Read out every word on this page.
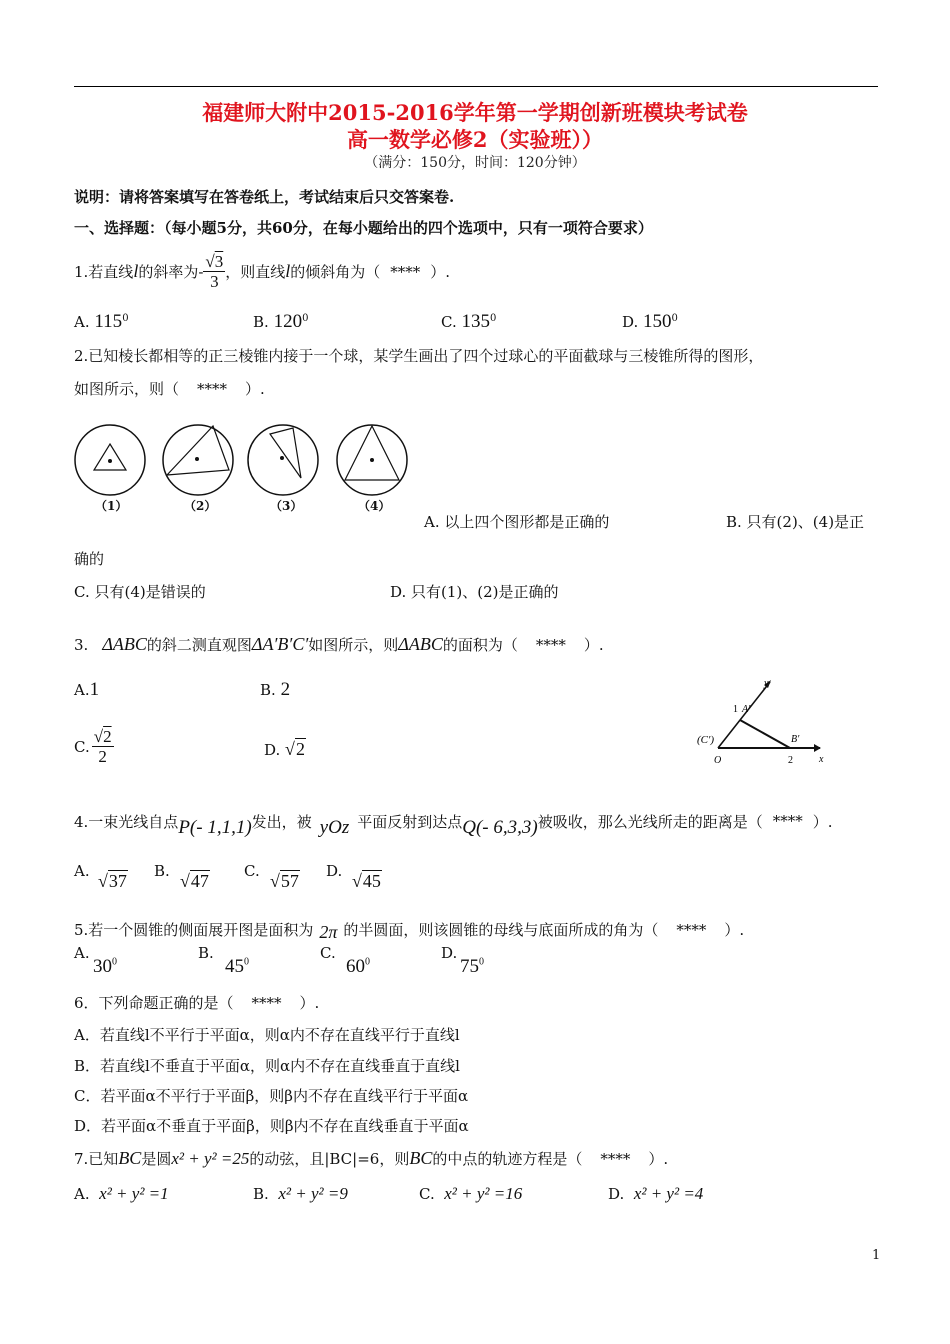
福建师大附中2015-2016学年第一学期创新班模块考试卷
高一数学必修2（实验班））
（满分：150分，时间：120分钟）
说明：请将答案填写在答卷纸上，考试结束后只交答案卷.
一、选择题：（每小题5分，共60分，在每小题给出的四个选项中，只有一项符合要求）
1.若直线 l 的斜率为- $\frac{√3}{3}$ ，则直线 l 的倾斜角为（ **** ）.
A. $115^0$	B. $120^0$	C. $135^0$	D. $150^0$
2.已知棱长都相等的正三棱锥内接于一个球，某学生画出了四个过球心的平面截球与三棱锥所得的图形，
如图所示，则（ **** ）.
（1）	（2）	（3）	（4）
A. 以上四个图形都是正确的	B. 只有(2)、(4)是正
确的
C. 只有(4)是错误的	D. 只有(1)、(2)是正确的
3. ΔABC 的斜二测直观图 ΔA′B′C′ 如图所示，则 ΔABC 的面积为（ **** ）.
A.1	B. 2
C. $\frac{√2}{2}$	D. √2
y
x
1 A′
B′
(C′)
O	2
4.一束光线自点 P(- 1,1,1) 发出，被 yOz 平面反射到达点 Q(- 6,3,3) 被吸收，那么光线所走的距离是（ **** ）.
A. √37 B. √47 C. √57 D. √45
5.若一个圆锥的侧面展开图是面积为 2π 的半圆面，则该圆锥的母线与底面所成的角为（ **** ）.
A.
$30^0$
B.
$45^0$
C.
$60^0$
D.
$75^0$
6．下列命题正确的是（ **** ）.
A．若直线l不平行于平面α，则α内不存在直线平行于直线l
B．若直线l不垂直于平面α，则α内不存在直线垂直于直线l
C．若平面α不平行于平面β，则β内不存在直线平行于平面α
D．若平面α不垂直于平面β，则β内不存在直线垂直于平面α
7.已知 BC 是圆 x² + y² =25 的动弦，且|BC|=6，则 BC 的中点的轨迹方程是（ **** ）.
A. x² + y² =1	B. x² + y² =9	C. x² + y² =16	D. x² + y² =4
1
